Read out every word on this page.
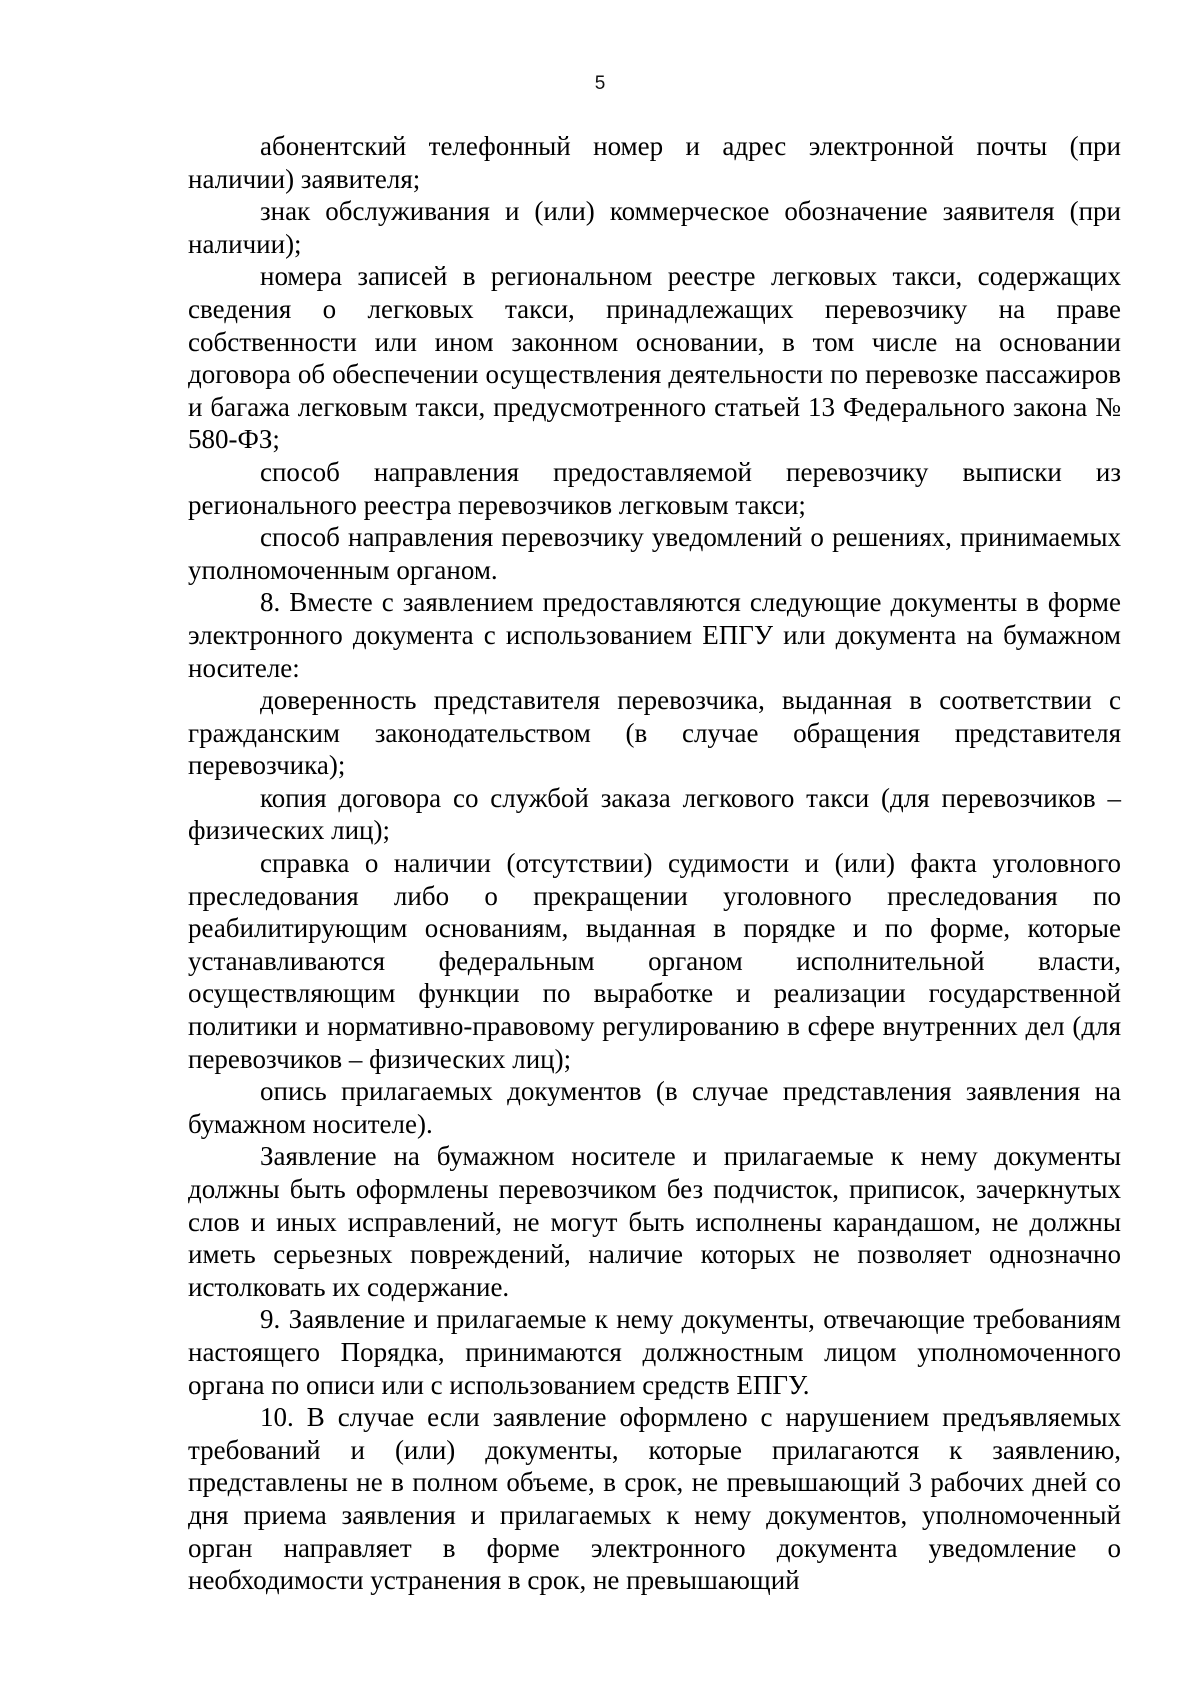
5

абонентский телефонный номер и адрес электронной почты (при наличии) заявителя;

знак обслуживания и (или) коммерческое обозначение заявителя (при наличии);

номера записей в региональном реестре легковых такси, содержащих сведения о легковых такси, принадлежащих перевозчику на праве собственности или ином законном основании, в том числе на основании договора об обеспечении осуществления деятельности по перевозке пассажиров и багажа легковым такси, предусмотренного статьей 13 Федерального закона № 580-ФЗ;

способ направления предоставляемой перевозчику выписки из регионального реестра перевозчиков легковым такси;

способ направления перевозчику уведомлений о решениях, принимаемых уполномоченным органом.

8. Вместе с заявлением предоставляются следующие документы в форме электронного документа с использованием ЕПГУ или документа на бумажном носителе:

доверенность представителя перевозчика, выданная в соответствии с гражданским законодательством (в случае обращения представителя перевозчика);

копия договора со службой заказа легкового такси (для перевозчиков – физических лиц);

справка о наличии (отсутствии) судимости и (или) факта уголовного преследования либо о прекращении уголовного преследования по реабилитирующим основаниям, выданная в порядке и по форме, которые устанавливаются федеральным органом исполнительной власти, осуществляющим функции по выработке и реализации государственной политики и нормативно-правовому регулированию в сфере внутренних дел (для перевозчиков – физических лиц);

опись прилагаемых документов (в случае представления заявления на бумажном носителе).

Заявление на бумажном носителе и прилагаемые к нему документы должны быть оформлены перевозчиком без подчисток, приписок, зачеркнутых слов и иных исправлений, не могут быть исполнены карандашом, не должны иметь серьезных повреждений, наличие которых не позволяет однозначно истолковать их содержание.

9. Заявление и прилагаемые к нему документы, отвечающие требованиям настоящего Порядка, принимаются должностным лицом уполномоченного органа по описи или с использованием средств ЕПГУ.

10. В случае если заявление оформлено с нарушением предъявляемых требований и (или) документы, которые прилагаются к заявлению, представлены не в полном объеме, в срок, не превышающий 3 рабочих дней со дня приема заявления и прилагаемых к нему документов, уполномоченный орган направляет в форме электронного документа уведомление о необходимости устранения в срок, не превышающий
